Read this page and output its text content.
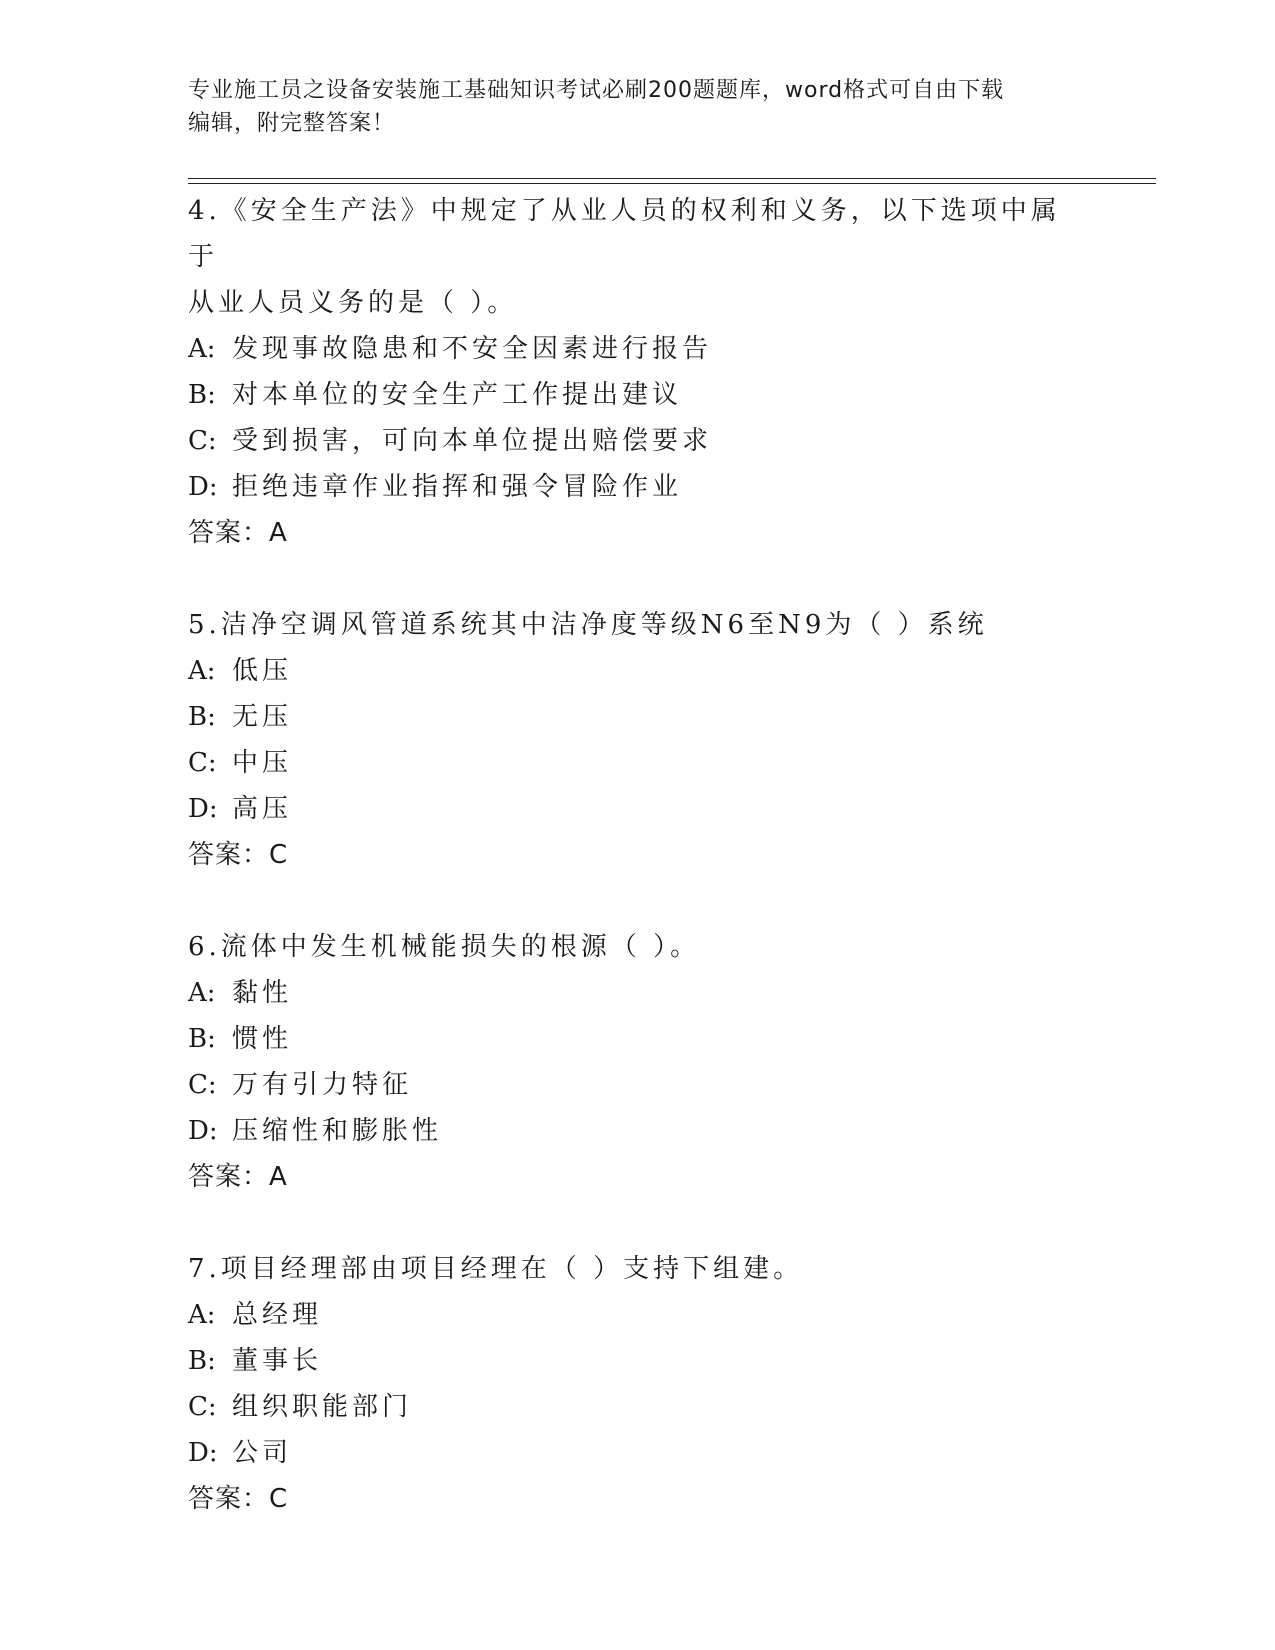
专业施工员之设备安装施工基础知识考试必刷200题题库，word格式可自由下载
编辑，附完整答案！

4.《安全生产法》中规定了从业人员的权利和义务，以下选项中属于
从业人员义务的是（ ）。

A: 发现事故隐患和不安全因素进行报告

B: 对本单位的安全生产工作提出建议

C: 受到损害，可向本单位提出赔偿要求

D: 拒绝违章作业指挥和强令冒险作业

答案：A

5.洁净空调风管道系统其中洁净度等级N6至N9为（ ）系统

A: 低压

B: 无压

C: 中压

D: 高压

答案：C

6.流体中发生机械能损失的根源（ ）。

A: 黏性

B: 惯性

C: 万有引力特征

D: 压缩性和膨胀性

答案：A

7.项目经理部由项目经理在（ ）支持下组建。

A: 总经理

B: 董事长

C: 组织职能部门

D: 公司

答案：C
